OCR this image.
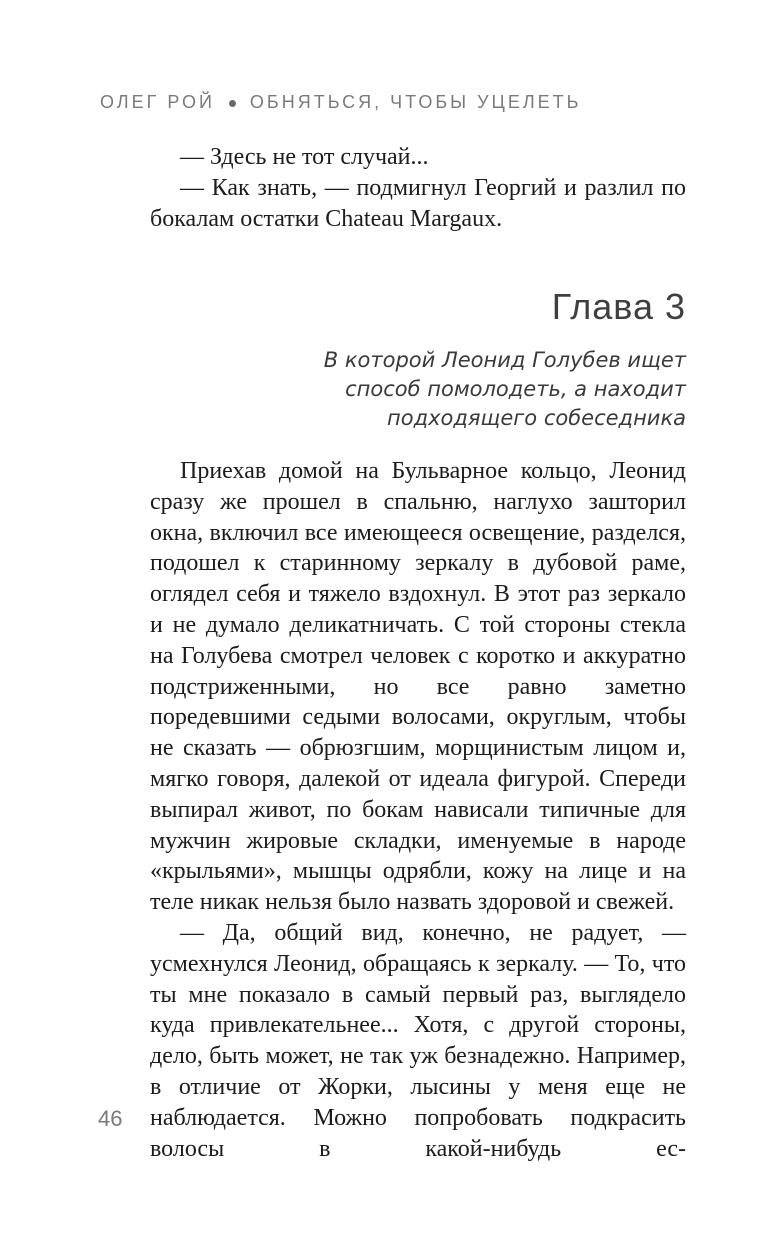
ОЛЕГ РОЙ ОБНЯТЬСЯ, ЧТОБЫ УЦЕЛЕТЬ

— Здесь не тот случай...

— Как знать, — подмигнул Георгий и разлил по бокалам остатки Chateau Margaux.

Глава 3
В которой Леонид Голубев ищет
способ помолодеть, а находит
подходящего собеседника

Приехав домой на Бульварное кольцо, Леонид сразу же прошел в спальню, наглухо зашторил окна, включил все имеющееся освещение, разделся, подошел к старинному зеркалу в дубовой раме, оглядел себя и тяжело вздохнул. В этот раз зеркало и не думало деликатничать. С той стороны стекла на Голубева смотрел человек с коротко и аккуратно подстриженными, но все равно заметно поредевшими седыми волосами, округлым, чтобы не сказать — обрюзгшим, морщинистым лицом и, мягко говоря, далекой от идеала фигурой. Спереди выпирал живот, по бокам нависали типичные для мужчин жировые складки, именуемые в народе «крыльями», мышцы одрябли, кожу на лице и на теле никак нельзя было назвать здоровой и свежей.

— Да, общий вид, конечно, не радует, — усмехнулся Леонид, обращаясь к зеркалу. — То, что ты мне показало в самый первый раз, выглядело куда привлекательнее... Хотя, с другой стороны, дело, быть может, не так уж безнадежно. Например, в отличие от Жорки, лысины у меня еще не наблюдается. Можно попробовать подкрасить волосы в какой-нибудь ес-

46
